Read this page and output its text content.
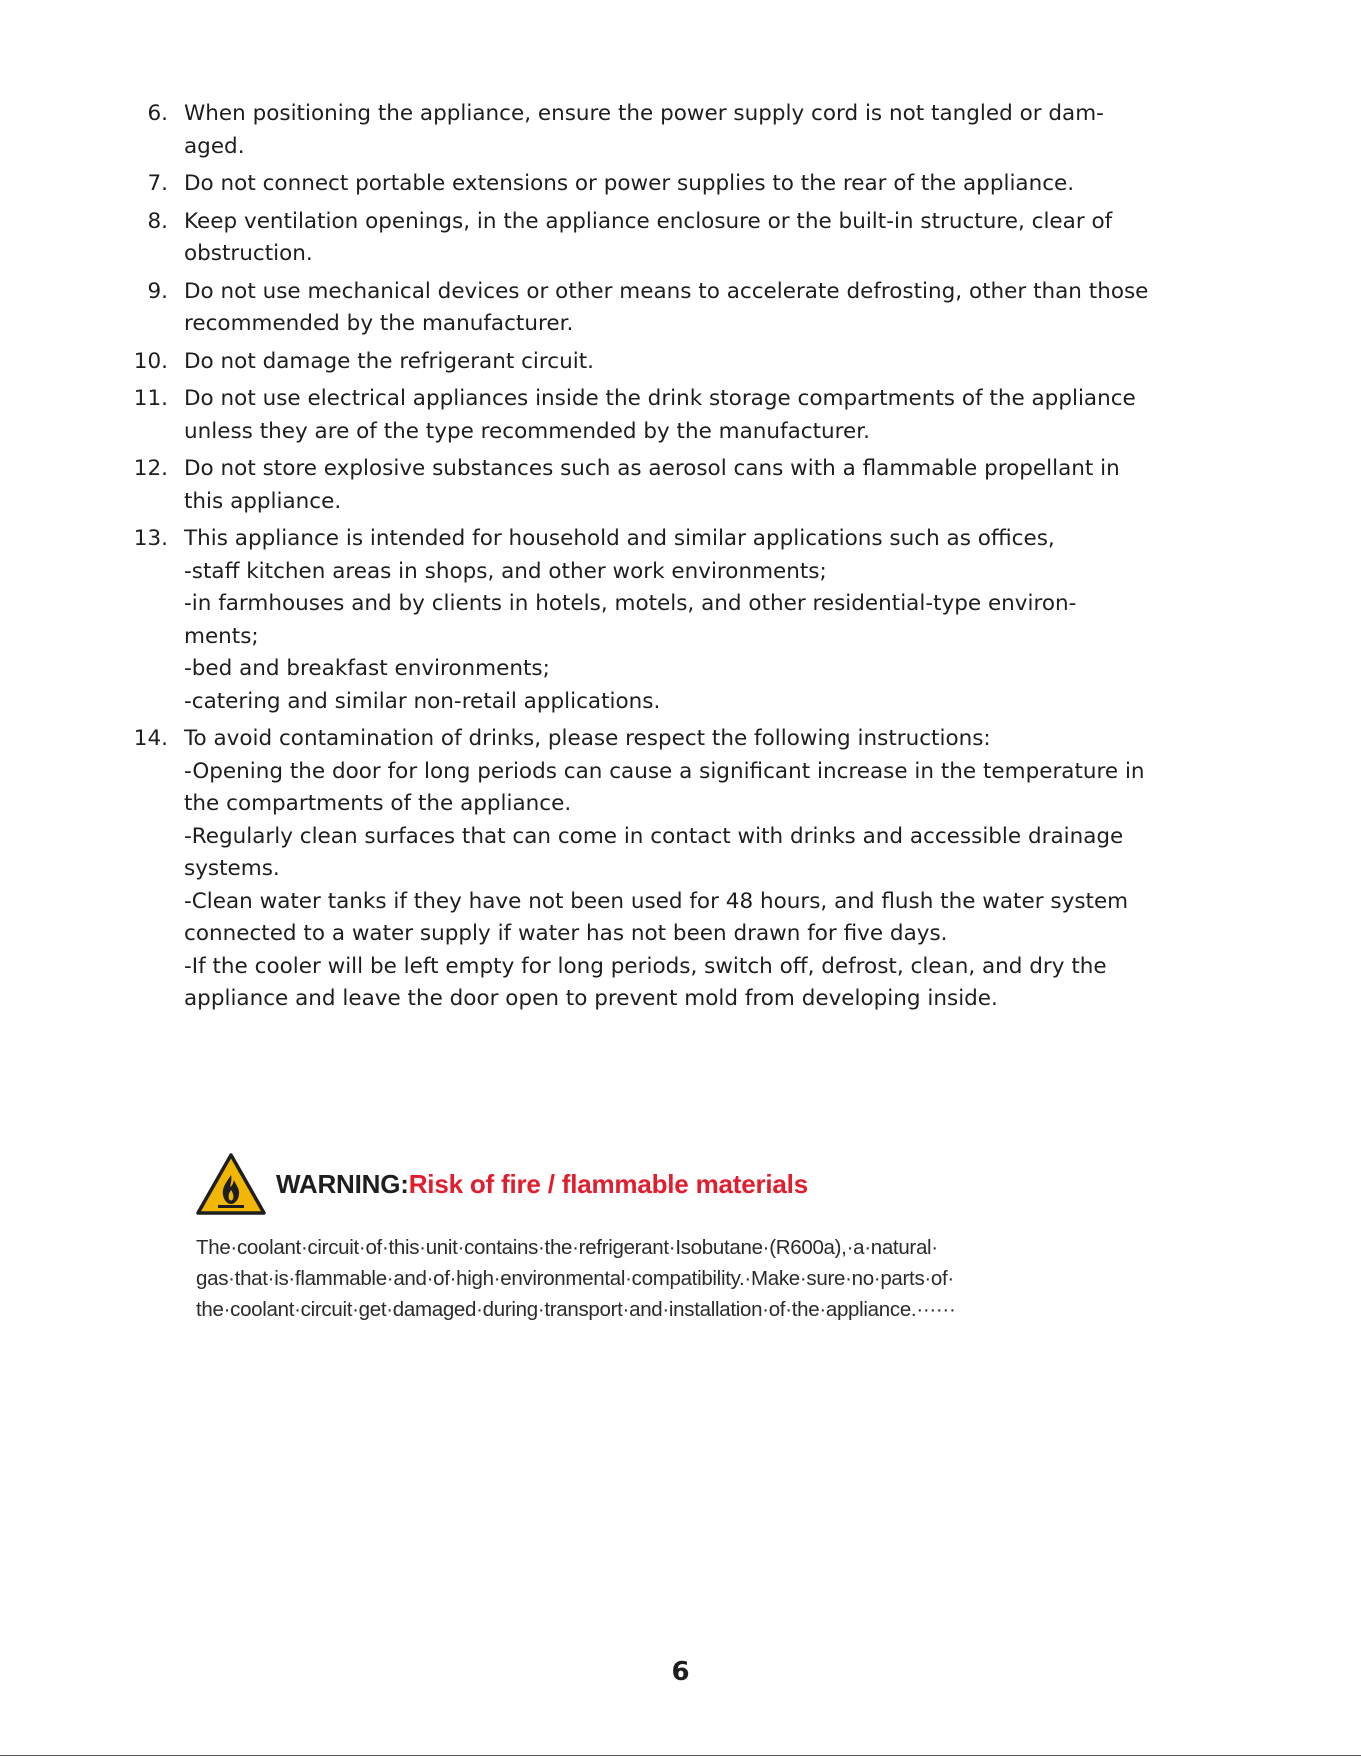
6. When positioning the appliance, ensure the power supply cord is not tangled or dam-
aged.
7. Do not connect portable extensions or power supplies to the rear of the appliance.
8. Keep ventilation openings, in the appliance enclosure or the built-in structure, clear of
obstruction.
9. Do not use mechanical devices or other means to accelerate defrosting, other than those
recommended by the manufacturer.
10. Do not damage the refrigerant circuit.
11. Do not use electrical appliances inside the drink storage compartments of the appliance
unless they are of the type recommended by the manufacturer.
12. Do not store explosive substances such as aerosol cans with a flammable propellant in
this appliance.
13. This appliance is intended for household and similar applications such as offices,
-staff kitchen areas in shops, and other work environments;
-in farmhouses and by clients in hotels, motels, and other residential-type environ-
ments;
-bed and breakfast environments;
-catering and similar non-retail applications.
14. To avoid contamination of drinks, please respect the following instructions:
-Opening the door for long periods can cause a significant increase in the temperature in
the compartments of the appliance.
-Regularly clean surfaces that can come in contact with drinks and accessible drainage
systems.
-Clean water tanks if they have not been used for 48 hours, and flush the water system
connected to a water supply if water has not been drawn for five days.
-If the cooler will be left empty for long periods, switch off, defrost, clean, and dry the
appliance and leave the door open to prevent mold from developing inside.
WARNING:Risk of fire / flammable materials
The·coolant·circuit·of·this·unit·contains·the·refrigerant·Isobutane·(R600a),·a·natural·
gas·that·is·flammable·and·of·high·environmental·compatibility.·Make·sure·no·parts·of·
the·coolant·circuit·get·damaged·during·transport·and·installation·of·the·appliance.······
6
